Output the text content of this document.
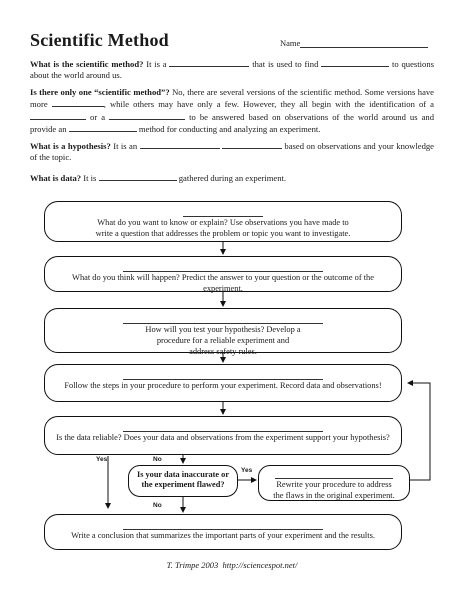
Scientific Method	Name
What is the scientific method? It is a	that is used to find	to questions about the world around us.
Is there only one “scientific method”? No, there are several versions of the scientific method. Some versions have more	, while others may have only a few. However, they all begin with the identification of a  or a	to be answered based on observations of the world around us and provide an	method for conducting and analyzing an experiment.
What is a hypothesis? It is an	based on observations and your knowledge of the topic.
What is data? It is	gathered during an experiment.
What do you want to know or explain? Use observations you have made to write a question that addresses the problem or topic you want to investigate.
What do you think will happen? Predict the answer to your question or the outcome of the experiment.
How will you test your hypothesis? Develop a procedure for a reliable experiment and address safety rules.
Follow the steps in your procedure to perform your experiment. Record data and observations!
Is the data reliable? Does your data and observations from the experiment support your hypothesis?
Is your data inaccurate or the experiment flawed?	Rewrite your procedure to address the flaws in the original experiment.
Write a conclusion that summarizes the important parts of your experiment and the results.
Yes	No
Yes
No
T. Trimpe 2003 http://sciencespot.net/
